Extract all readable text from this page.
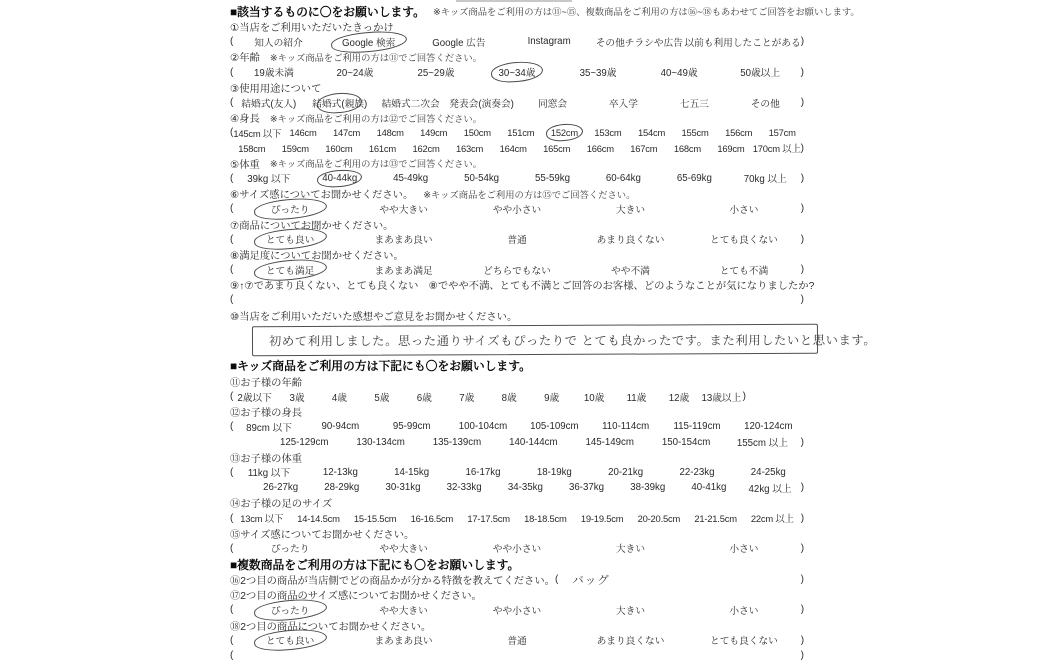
■該当するものに〇をお願いします。 ※キッズ商品をご利用の方は⑪~⑮、複数商品をご利用の方は⑯~⑱もあわせてご回答をお願いします。
①当店をご利用いただいたきっかけ
(	知人の紹介	Google 検索	Google 広告	Instagram	その他チラシや広告 以前も利用したことがある )
②年齢 ※キッズ商品をご利用の方は⑪でご回答ください。
(	19歳未満	20~24歳	25~29歳	30~34歳	35~39歳	40~49歳	50歳以上	)
③使用用途について
( 結婚式(友人)	結婚式(親族)	結婚式二次会 発表会(演奏会)	同窓会	卒入学	七五三	その他	)
④身長 ※キッズ商品をご利用の方は⑫でご回答ください。
( 145cm 以下 146cm	147cm	148cm	149cm	150cm	151cm	152cm	153cm	154cm	155cm	156cm	157cm
158cm	159cm	160cm	161cm	162cm	163cm	164cm	165cm	166cm	167cm	168cm	169cm 170cm 以上 )
⑤体重 ※キッズ商品をご利用の方は⑬でご回答ください。
(	39kg 以下	40-44kg	45-49kg	50-54kg	55-59kg	60-64kg	65-69kg	70kg 以上	)
⑥サイズ感についてお聞かせください。 ※キッズ商品をご利用の方は⑮でご回答ください。
(	ぴったり	やや大きい	やや小さい	大きい	小さい	)
⑦商品についてお聞かせください。
(	とても良い	まあまあ良い	普通	あまり良くない	とても良くない	)
⑧満足度についてお聞かせください。
(	とても満足	まあまあ満足	どちらでもない	やや不満	とても不満	)
⑨↑⑦であまり良くない、とても良くない　⑧でやや不満、とても不満とご回答のお客様、どのようなことが気になりましたか?
(	)
⑩当店をご利用いただいた感想やご意見をお聞かせください。
初めて利用しました。思った通りサイズもぴったりで とても良かったです。また利用したいと思います。
■キッズ商品をご利用の方は下記にも〇をお願いします。
⑪お子様の年齢
( 2歳以下	3歳	4歳	5歳	6歳	7歳	8歳	9歳	10歳	11歳	12歳	13歳以上 )
⑫お子様の身長
(	89cm 以下	90-94cm	95-99cm	100-104cm	105-109cm	110-114cm	115-119cm	120-124cm
125-129cm	130-134cm	135-139cm	140-144cm	145-149cm	150-154cm	155cm 以上	)
⑬お子様の体重
(	11kg 以下	12-13kg	14-15kg	16-17kg	18-19kg	20-21kg	22-23kg	24-25kg
26-27kg	28-29kg	30-31kg	32-33kg	34-35kg	36-37kg	38-39kg	40-41kg	42kg 以上 )
⑭お子様の足のサイズ
( 13cm 以下	14-14.5cm	15-15.5cm	16-16.5cm	17-17.5cm	18-18.5cm	19-19.5cm	20-20.5cm	21-21.5cm	22cm 以上 )
⑮サイズ感についてお聞かせください。
(	ぴったり	やや大きい	やや小さい	大きい	小さい	)
■複数商品をご利用の方は下記にも〇をお願いします。
⑯2つ目の商品が当店側でどの商品かが分かる特徴を教えてください。 (	バッグ	)
⑰2つ目の商品のサイズ感についてお聞かせください。
(	ぴったり	やや大きい	やや小さい	大きい	小さい	)
⑱2つ目の商品についてお聞かせください。
(	とても良い	まあまあ良い	普通	あまり良くない	とても良くない	)
(	)
